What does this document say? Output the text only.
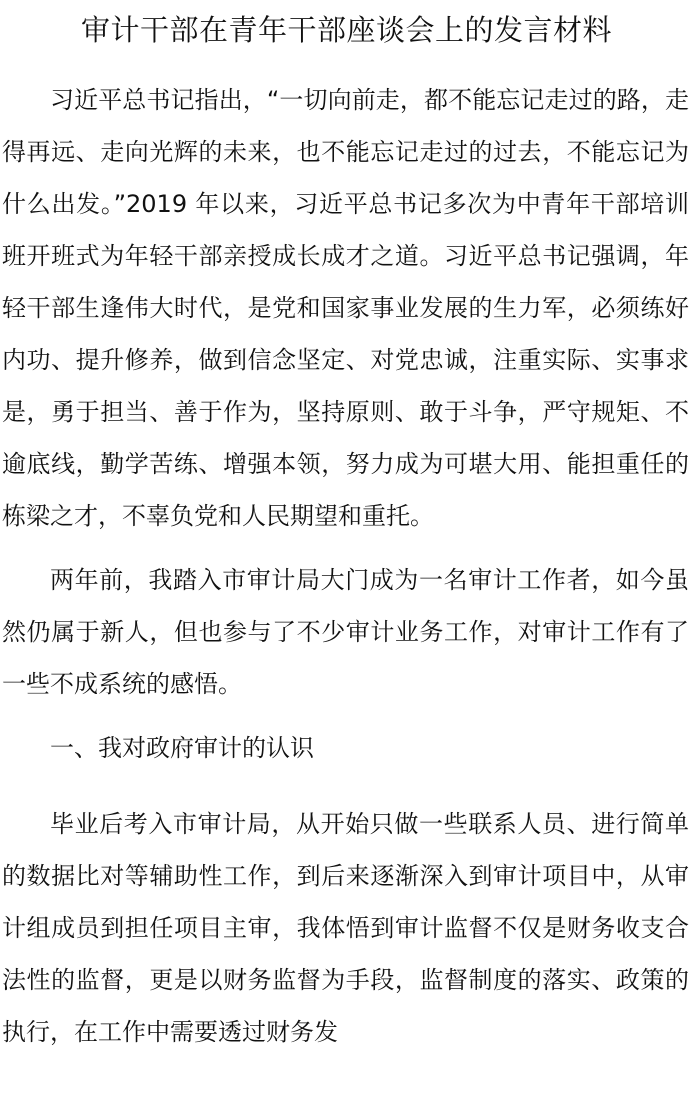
审计干部在青年干部座谈会上的发言材料

习近平总书记指出，“一切向前走，都不能忘记走过的路，走得再远、走向光辉的未来，也不能忘记走过的过去，不能忘记为什么出发。”2019 年以来，习近平总书记多次为中青年干部培训班开班式为年轻干部亲授成长成才之道。习近平总书记强调，年轻干部生逢伟大时代，是党和国家事业发展的生力军，必须练好内功、提升修养，做到信念坚定、对党忠诚，注重实际、实事求是，勇于担当、善于作为，坚持原则、敢于斗争，严守规矩、不逾底线，勤学苦练、增强本领，努力成为可堪大用、能担重任的栋梁之才，不辜负党和人民期望和重托。

两年前，我踏入市审计局大门成为一名审计工作者，如今虽然仍属于新人，但也参与了不少审计业务工作，对审计工作有了一些不成系统的感悟。

一、我对政府审计的认识

毕业后考入市审计局，从开始只做一些联系人员、进行简单的数据比对等辅助性工作，到后来逐渐深入到审计项目中，从审计组成员到担任项目主审，我体悟到审计监督不仅是财务收支合法性的监督，更是以财务监督为手段，监督制度的落实、政策的执行，在工作中需要透过财务发
